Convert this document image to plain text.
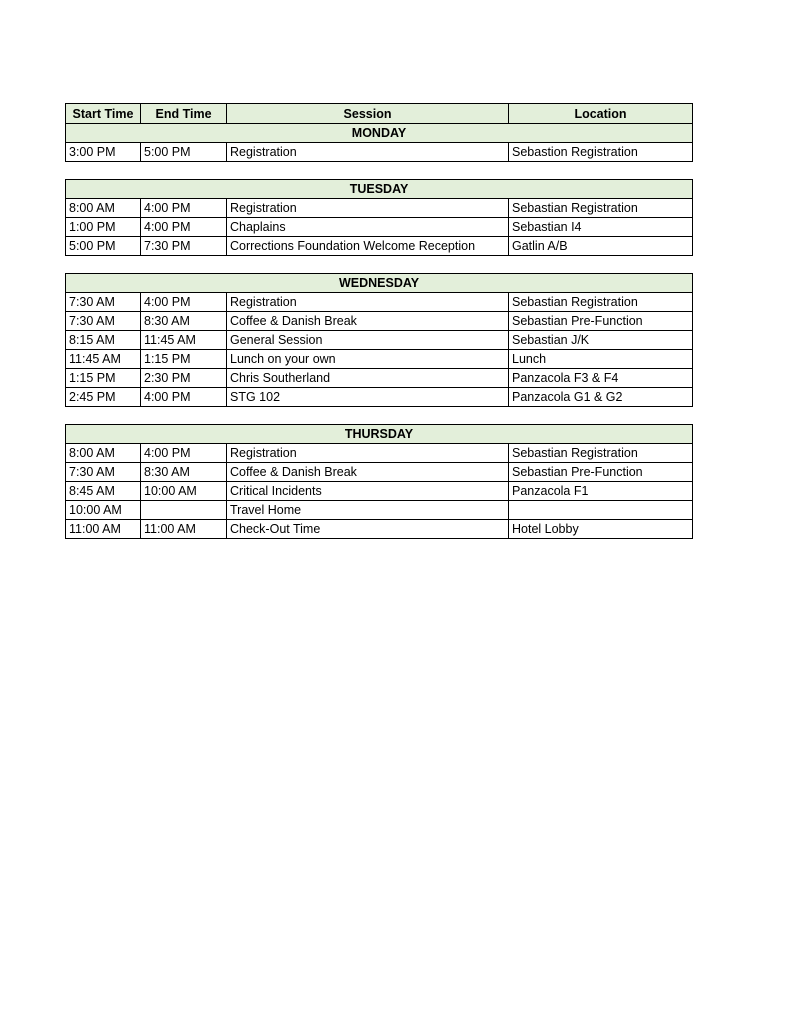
Start Time	End Time	Session	Location
MONDAY			
3:00 PM	5:00 PM	Registration	Sebastion Registration
TUESDAY			
8:00 AM	4:00 PM	Registration	Sebastian Registration
1:00 PM	4:00 PM	Chaplains	Sebastian I4
5:00 PM	7:30 PM	Corrections Foundation Welcome Reception	Gatlin A/B
WEDNESDAY			
7:30 AM	4:00 PM	Registration	Sebastian Registration
7:30 AM	8:30 AM	Coffee & Danish Break	Sebastian Pre-Function
8:15 AM	11:45 AM	General Session	Sebastian J/K
11:45 AM	1:15 PM	Lunch on your own	Lunch
1:15 PM	2:30 PM	Chris Southerland	Panzacola F3 & F4
2:45 PM	4:00 PM	STG 102	Panzacola G1 & G2
THURSDAY			
8:00 AM	4:00 PM	Registration	Sebastian Registration
7:30 AM	8:30 AM	Coffee & Danish Break	Sebastian Pre-Function
8:45 AM	10:00 AM	Critical Incidents	Panzacola F1
10:00 AM		Travel Home	
11:00 AM	11:00 AM	Check-Out Time	Hotel Lobby
